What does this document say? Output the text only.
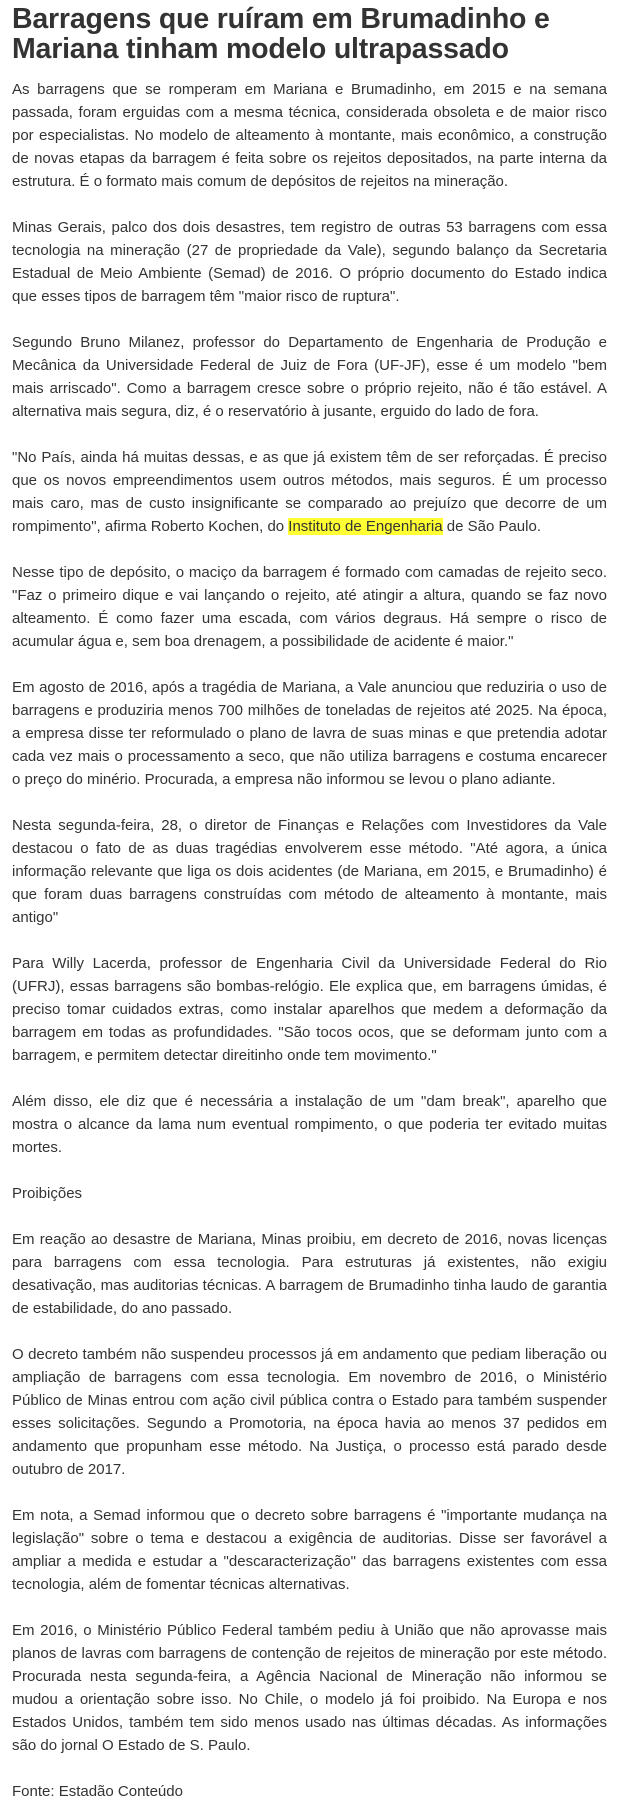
Barragens que ruíram em Brumadinho e Mariana tinham modelo ultrapassado

As barragens que se romperam em Mariana e Brumadinho, em 2015 e na semana passada, foram erguidas com a mesma técnica, considerada obsoleta e de maior risco por especialistas. No modelo de alteamento à montante, mais econômico, a construção de novas etapas da barragem é feita sobre os rejeitos depositados, na parte interna da estrutura. É o formato mais comum de depósitos de rejeitos na mineração.

Minas Gerais, palco dos dois desastres, tem registro de outras 53 barragens com essa tecnologia na mineração (27 de propriedade da Vale), segundo balanço da Secretaria Estadual de Meio Ambiente (Semad) de 2016. O próprio documento do Estado indica que esses tipos de barragem têm "maior risco de ruptura".

Segundo Bruno Milanez, professor do Departamento de Engenharia de Produção e Mecânica da Universidade Federal de Juiz de Fora (UF-JF), esse é um modelo "bem mais arriscado". Como a barragem cresce sobre o próprio rejeito, não é tão estável. A alternativa mais segura, diz, é o reservatório à jusante, erguido do lado de fora.

"No País, ainda há muitas dessas, e as que já existem têm de ser reforçadas. É preciso que os novos empreendimentos usem outros métodos, mais seguros. É um processo mais caro, mas de custo insignificante se comparado ao prejuízo que decorre de um rompimento", afirma Roberto Kochen, do Instituto de Engenharia de São Paulo.

Nesse tipo de depósito, o maciço da barragem é formado com camadas de rejeito seco. "Faz o primeiro dique e vai lançando o rejeito, até atingir a altura, quando se faz novo alteamento. É como fazer uma escada, com vários degraus. Há sempre o risco de acumular água e, sem boa drenagem, a possibilidade de acidente é maior."

Em agosto de 2016, após a tragédia de Mariana, a Vale anunciou que reduziria o uso de barragens e produziria menos 700 milhões de toneladas de rejeitos até 2025. Na época, a empresa disse ter reformulado o plano de lavra de suas minas e que pretendia adotar cada vez mais o processamento a seco, que não utiliza barragens e costuma encarecer o preço do minério. Procurada, a empresa não informou se levou o plano adiante.

Nesta segunda-feira, 28, o diretor de Finanças e Relações com Investidores da Vale destacou o fato de as duas tragédias envolverem esse método. "Até agora, a única informação relevante que liga os dois acidentes (de Mariana, em 2015, e Brumadinho) é que foram duas barragens construídas com método de alteamento à montante, mais antigo"

Para Willy Lacerda, professor de Engenharia Civil da Universidade Federal do Rio (UFRJ), essas barragens são bombas-relógio. Ele explica que, em barragens úmidas, é preciso tomar cuidados extras, como instalar aparelhos que medem a deformação da barragem em todas as profundidades. "São tocos ocos, que se deformam junto com a barragem, e permitem detectar direitinho onde tem movimento."

Além disso, ele diz que é necessária a instalação de um "dam break", aparelho que mostra o alcance da lama num eventual rompimento, o que poderia ter evitado muitas mortes.

Proibições

Em reação ao desastre de Mariana, Minas proibiu, em decreto de 2016, novas licenças para barragens com essa tecnologia. Para estruturas já existentes, não exigiu desativação, mas auditorias técnicas. A barragem de Brumadinho tinha laudo de garantia de estabilidade, do ano passado.

O decreto também não suspendeu processos já em andamento que pediam liberação ou ampliação de barragens com essa tecnologia. Em novembro de 2016, o Ministério Público de Minas entrou com ação civil pública contra o Estado para também suspender esses solicitações. Segundo a Promotoria, na época havia ao menos 37 pedidos em andamento que propunham esse método. Na Justiça, o processo está parado desde outubro de 2017.

Em nota, a Semad informou que o decreto sobre barragens é "importante mudança na legislação" sobre o tema e destacou a exigência de auditorias. Disse ser favorável a ampliar a medida e estudar a "descaracterização" das barragens existentes com essa tecnologia, além de fomentar técnicas alternativas.

Em 2016, o Ministério Público Federal também pediu à União que não aprovasse mais planos de lavras com barragens de contenção de rejeitos de mineração por este método. Procurada nesta segunda-feira, a Agência Nacional de Mineração não informou se mudou a orientação sobre isso. No Chile, o modelo já foi proibido. Na Europa e nos Estados Unidos, também tem sido menos usado nas últimas décadas. As informações são do jornal O Estado de S. Paulo.

Fonte: Estadão Conteúdo
